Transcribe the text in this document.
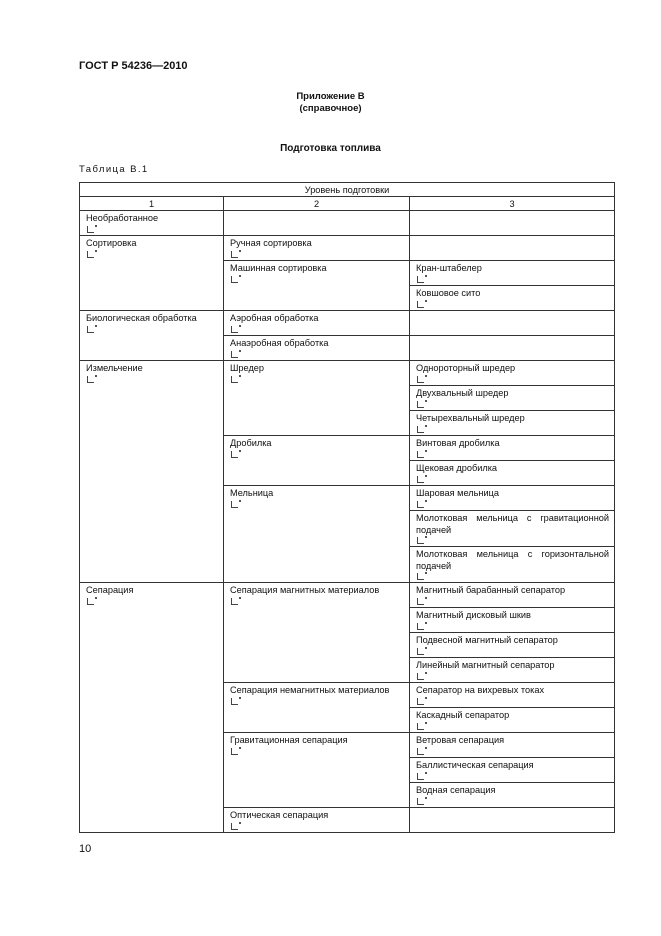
ГОСТ Р 54236—2010
Приложение В
(справочное)
Подготовка топлива
Таблица В.1
Уровень подготовки		
1	2	3
Необработанное

Сортировка	Ручная сортировка

	Машинная сортировка	Кран-штабелер

		Ковшовое сито

Биологическая обработка	Аэробная обработка

	Анаэробная обработка

Измельчение	Шредер	Однороторный шредер

		Двухвальный шредер

		Четырехвальный шредер

	Дробилка	Винтовая дробилка

		Щековая дробилка

	Мельница	Шаровая мельница

		Молотковая мельница с гравитационной подачей

		Молотковая мельница с горизонтальной подачей

Сепарация	Сепарация магнитных материалов	Магнитный барабанный сепаратор

		Магнитный дисковый шкив

		Подвесной магнитный сепаратор

		Линейный магнитный сепаратор

	Сепарация немагнитных материалов	Сепаратор на вихревых токах

		Каскадный сепаратор

	Гравитационная сепарация	Ветровая сепарация

		Баллистическая сепарация

		Водная сепарация

	Оптическая сепарация

10
